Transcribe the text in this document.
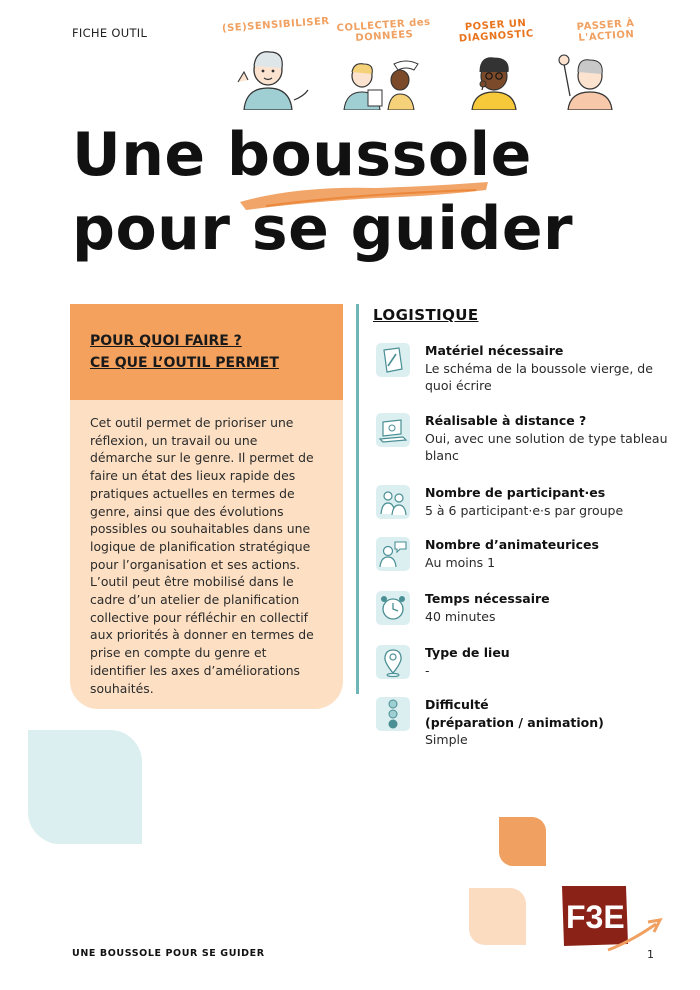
FICHE OUTIL	(SE)SENSIBILISER COLLECTER des DONNÉES
POSER UN DIAGNOSTIC
PASSER À L'ACTION
Une boussole
pour se guider
POUR QUOI FAIRE ?
CE QUE L’OUTIL PERMET
Cet outil permet de prioriser une réflexion, un travail ou une démarche sur le genre. Il permet de faire un état des lieux rapide des pratiques actuelles en termes de genre, ainsi que des évolutions possibles ou souhaitables dans une logique de planification stratégique pour l’organisation et ses actions. L’outil peut être mobilisé dans le cadre d’un atelier de planification collective pour réfléchir en collectif aux priorités à donner en termes de prise en compte du genre et identifier les axes d’améliorations souhaités.
LOGISTIQUE
Matériel nécessaire
Le schéma de la boussole vierge, de quoi écrire
Réalisable à distance ?
Oui, avec une solution de type tableau blanc
Nombre de participant·es
5 à 6 participant·e·s par groupe
Nombre d’animateurices
Au moins 1
Temps nécessaire
40 minutes
Type de lieu
-
Difficulté
(préparation / animation)
Simple
F3E
UNE BOUSSOLE POUR SE GUIDER	1
